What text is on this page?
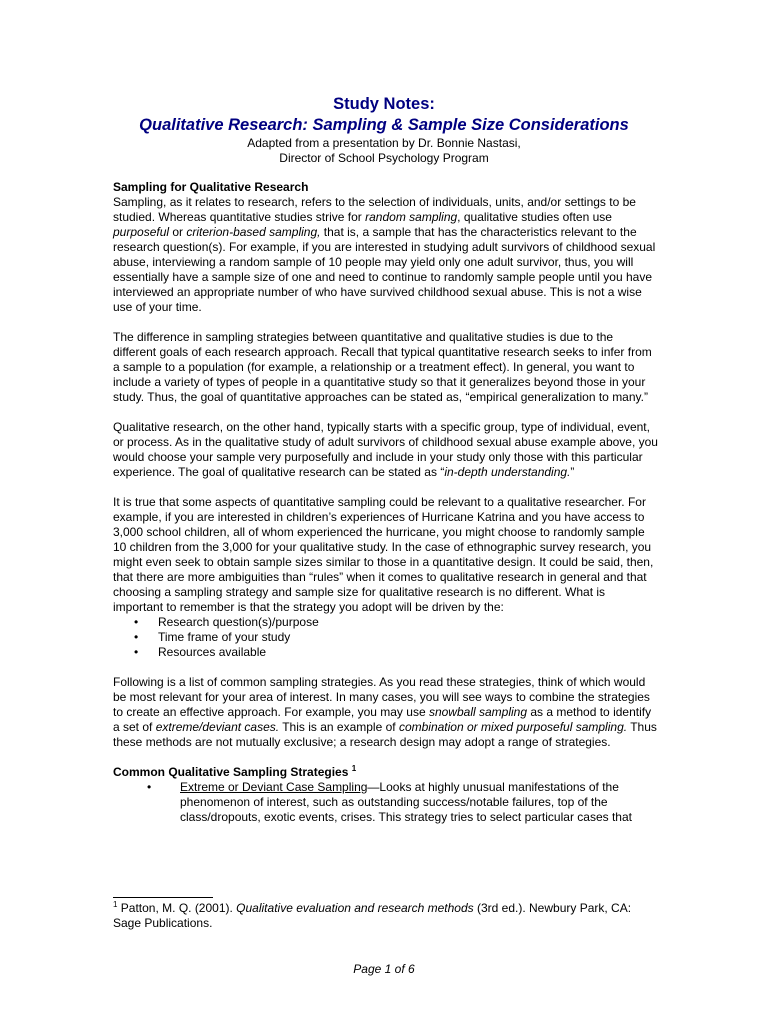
Study Notes:

Qualitative Research: Sampling & Sample Size Considerations

Adapted from a presentation by Dr. Bonnie Nastasi,

Director of School Psychology Program

Sampling for Qualitative Research

Sampling, as it relates to research, refers to the selection of individuals, units, and/or settings to be studied. Whereas quantitative studies strive for random sampling, qualitative studies often use purposeful or criterion-based sampling, that is, a sample that has the characteristics relevant to the research question(s). For example, if you are interested in studying adult survivors of childhood sexual abuse, interviewing a random sample of 10 people may yield only one adult survivor, thus, you will essentially have a sample size of one and need to continue to randomly sample people until you have interviewed an appropriate number of who have survived childhood sexual abuse. This is not a wise use of your time.

The difference in sampling strategies between quantitative and qualitative studies is due to the different goals of each research approach. Recall that typical quantitative research seeks to infer from a sample to a population (for example, a relationship or a treatment effect). In general, you want to include a variety of types of people in a quantitative study so that it generalizes beyond those in your study. Thus, the goal of quantitative approaches can be stated as, “empirical generalization to many.”

Qualitative research, on the other hand, typically starts with a specific group, type of individual, event, or process. As in the qualitative study of adult survivors of childhood sexual abuse example above, you would choose your sample very purposefully and include in your study only those with this particular experience. The goal of qualitative research can be stated as “in-depth understanding.”

It is true that some aspects of quantitative sampling could be relevant to a qualitative researcher. For example, if you are interested in children’s experiences of Hurricane Katrina and you have access to 3,000 school children, all of whom experienced the hurricane, you might choose to randomly sample 10 children from the 3,000 for your qualitative study. In the case of ethnographic survey research, you might even seek to obtain sample sizes similar to those in a quantitative design. It could be said, then, that there are more ambiguities than “rules” when it comes to qualitative research in general and that choosing a sampling strategy and sample size for qualitative research is no different. What is important to remember is that the strategy you adopt will be driven by the:

• Research question(s)/purpose
• Time frame of your study
• Resources available

Following is a list of common sampling strategies. As you read these strategies, think of which would be most relevant for your area of interest. In many cases, you will see ways to combine the strategies to create an effective approach. For example, you may use snowball sampling as a method to identify a set of extreme/deviant cases. This is an example of combination or mixed purposeful sampling. Thus these methods are not mutually exclusive; a research design may adopt a range of strategies.

Common Qualitative Sampling Strategies $^1$
• Extreme or Deviant Case Sampling—Looks at highly unusual manifestations of the phenomenon of interest, such as outstanding success/notable failures, top of the class/dropouts, exotic events, crises. This strategy tries to select particular cases that
$^1$ Patton, M. Q. (2001). Qualitative evaluation and research methods (3rd ed.). Newbury Park, CA: Sage Publications.
Page 1 of 6
